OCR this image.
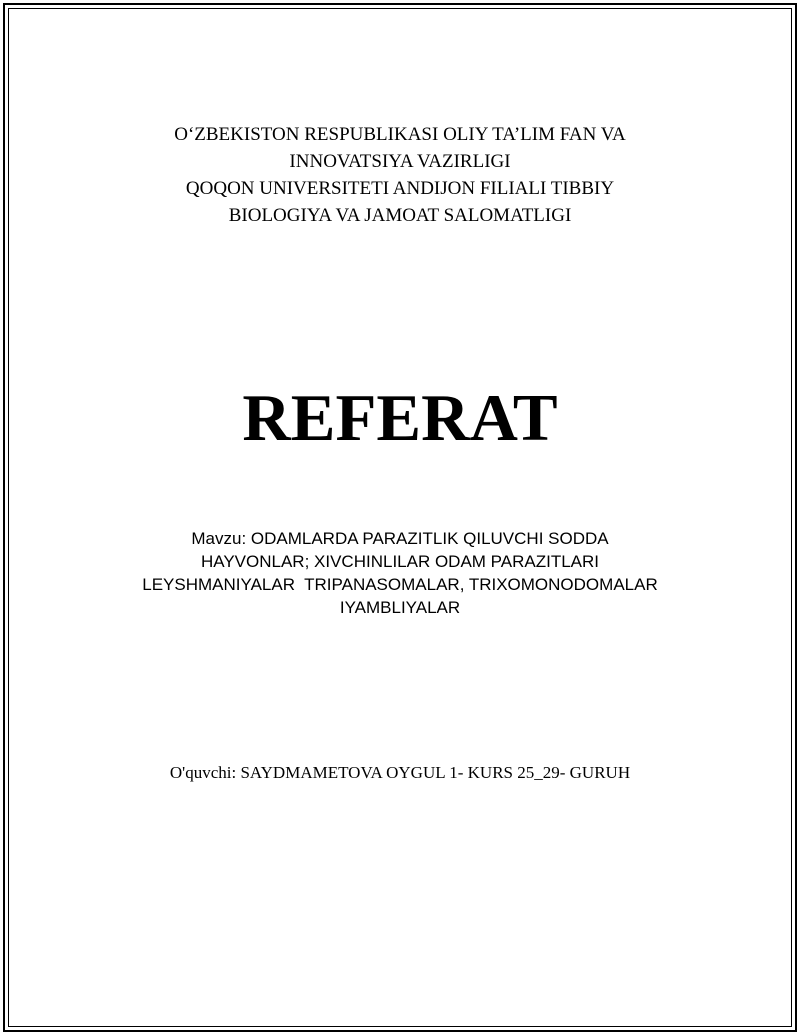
O‘ZBEKISTON RESPUBLIKASI OLIY TA’LIM FAN VA
INNOVATSIYA VAZIRLIGI
QOQON UNIVERSITETI ANDIJON FILIALI TIBBIY
BIOLOGIYA VA JAMOAT SALOMATLIGI
REFERAT
Mavzu: ODAMLARDA PARAZITLIK QILUVCHI SODDA
HAYVONLAR; XIVCHINLILAR ODAM PARAZITLARI
LEYSHMANIYALAR  TRIPANASOMALAR, TRIXOMONODOMALAR
IYAMBLIYALAR
O'quvchi: SAYDMAMETOVA OYGUL 1- KURS 25_29- GURUH
